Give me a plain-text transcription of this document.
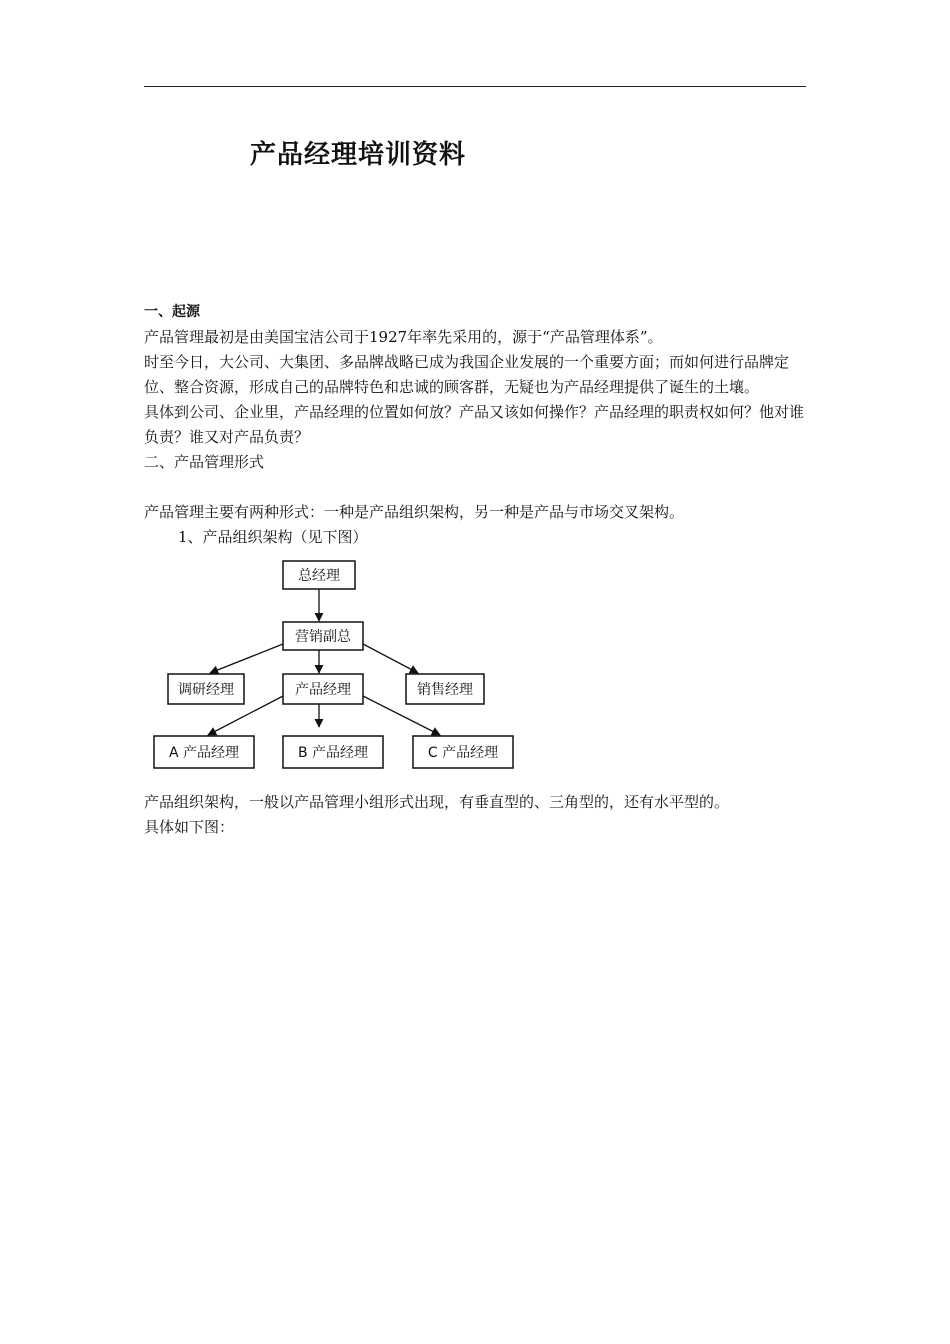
产品经理培训资料

一、起源

产品管理最初是由美国宝洁公司于1927年率先采用的，源于“产品管理体系”。

时至今日，大公司、大集团、多品牌战略已成为我国企业发展的一个重要方面；而如何进行品牌定位、整合资源，形成自己的品牌特色和忠诚的顾客群，无疑也为产品经理提供了诞生的土壤。

具体到公司、企业里，产品经理的位置如何放？产品又该如何操作？产品经理的职责权如何？他对谁负责？谁又对产品负责？

二、产品管理形式

产品管理主要有两种形式：一种是产品组织架构，另一种是产品与市场交叉架构。

1、产品组织架构（见下图）

总经理
营销副总
调研经理	产品经理	销售经理
A 产品经理	B 产品经理	C 产品经理

产品组织架构，一般以产品管理小组形式出现，有垂直型的、三角型的，还有水平型的。

具体如下图：
